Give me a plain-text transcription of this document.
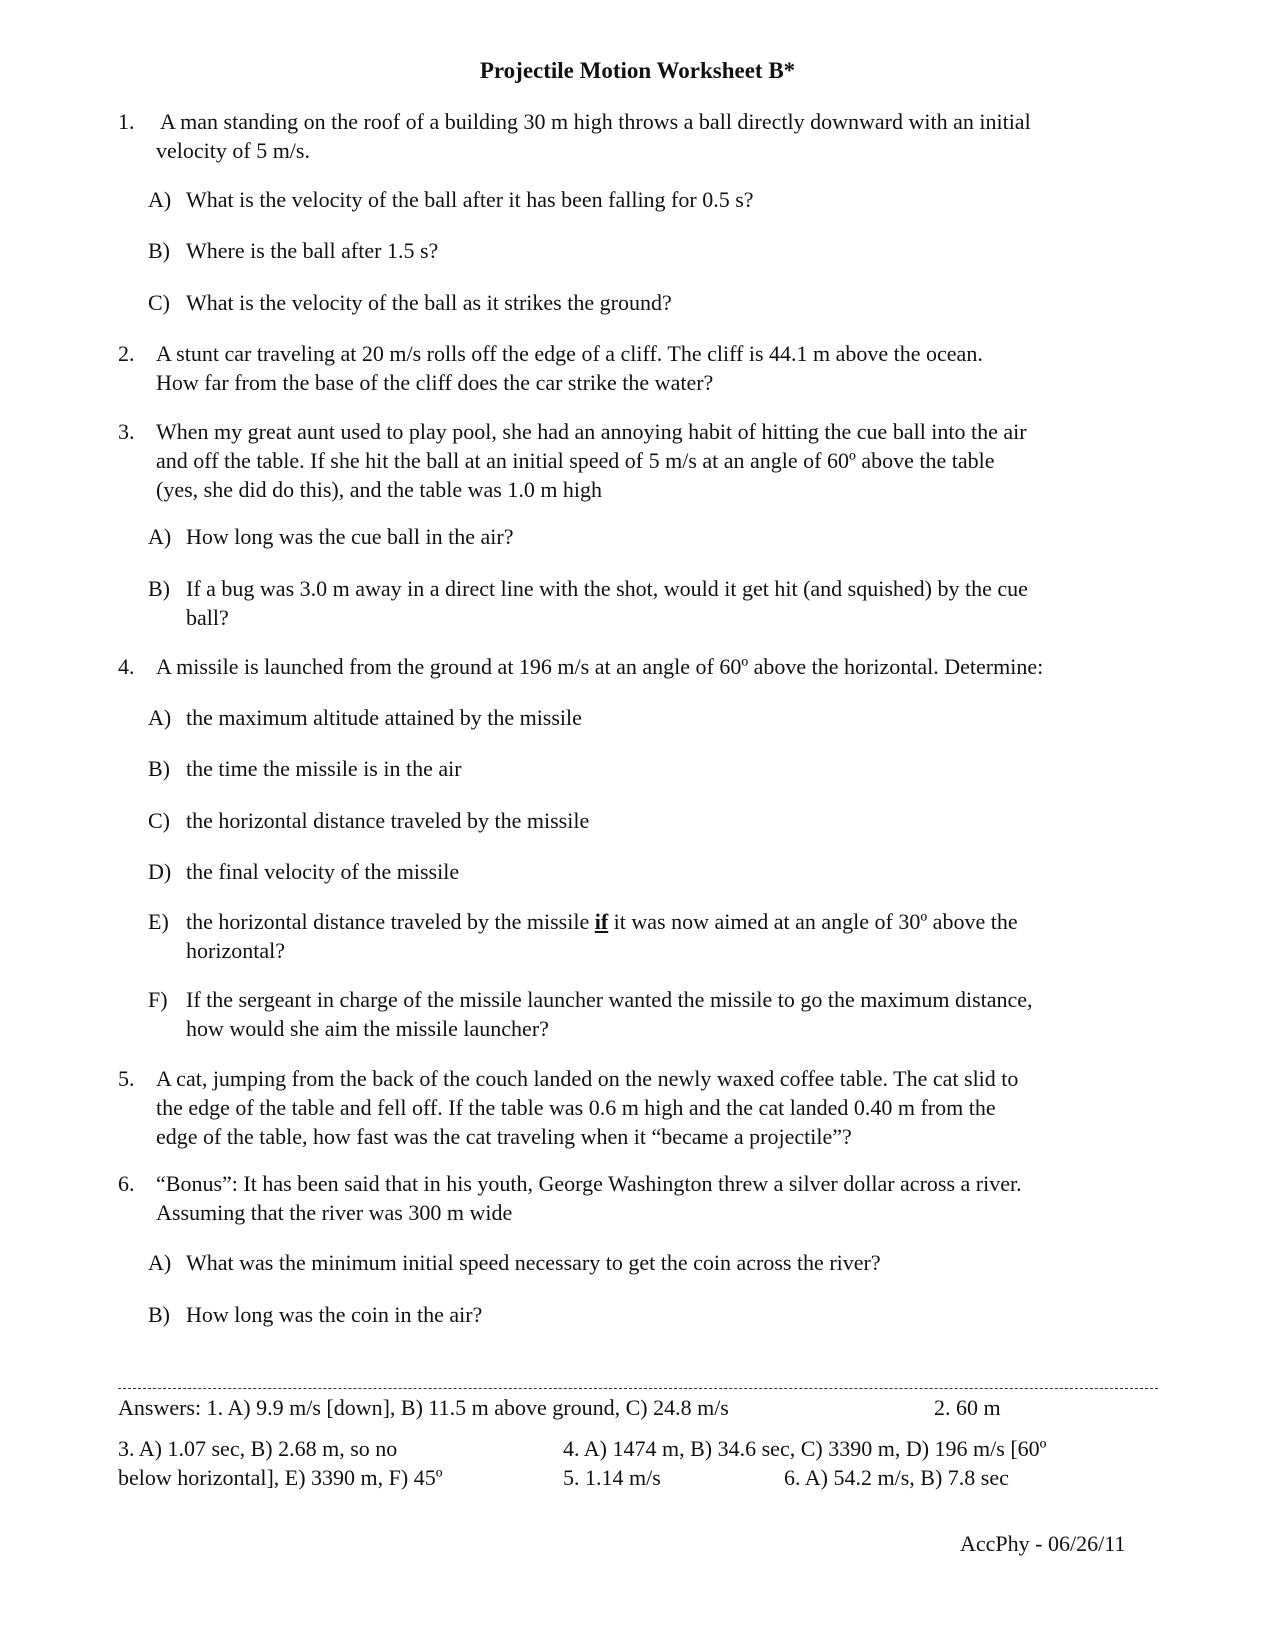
Projectile Motion Worksheet B*
1. A man standing on the roof of a building 30 m high throws a ball directly downward with an initial
velocity of 5 m/s.
A) What is the velocity of the ball after it has been falling for 0.5 s?
B) Where is the ball after 1.5 s?
C) What is the velocity of the ball as it strikes the ground?
2. A stunt car traveling at 20 m/s rolls off the edge of a cliff. The cliff is 44.1 m above the ocean.
How far from the base of the cliff does the car strike the water?
3. When my great aunt used to play pool, she had an annoying habit of hitting the cue ball into the air
and off the table. If she hit the ball at an initial speed of 5 m/s at an angle of 60º above the table
(yes, she did do this), and the table was 1.0 m high
A) How long was the cue ball in the air?
B) If a bug was 3.0 m away in a direct line with the shot, would it get hit (and squished) by the cue
ball?
4. A missile is launched from the ground at 196 m/s at an angle of 60º above the horizontal. Determine:
A) the maximum altitude attained by the missile
B) the time the missile is in the air
C) the horizontal distance traveled by the missile
D) the final velocity of the missile
E) the horizontal distance traveled by the missile if it was now aimed at an angle of 30º above the
horizontal?
F) If the sergeant in charge of the missile launcher wanted the missile to go the maximum distance,
how would she aim the missile launcher?
5. A cat, jumping from the back of the couch landed on the newly waxed coffee table. The cat slid to
the edge of the table and fell off. If the table was 0.6 m high and the cat landed 0.40 m from the
edge of the table, how fast was the cat traveling when it “became a projectile”?
6. “Bonus”: It has been said that in his youth, George Washington threw a silver dollar across a river.
Assuming that the river was 300 m wide
A) What was the minimum initial speed necessary to get the coin across the river?
B) How long was the coin in the air?
Answers: 1. A) 9.9 m/s [down], B) 11.5 m above ground, C) 24.8 m/s	2. 60 m
3. A) 1.07 sec, B) 2.68 m, so no	4. A) 1474 m, B) 34.6 sec, C) 3390 m, D) 196 m/s [60º
below horizontal], E) 3390 m, F) 45º	5. 1.14 m/s	6. A) 54.2 m/s, B) 7.8 sec
AccPhy - 06/26/11
